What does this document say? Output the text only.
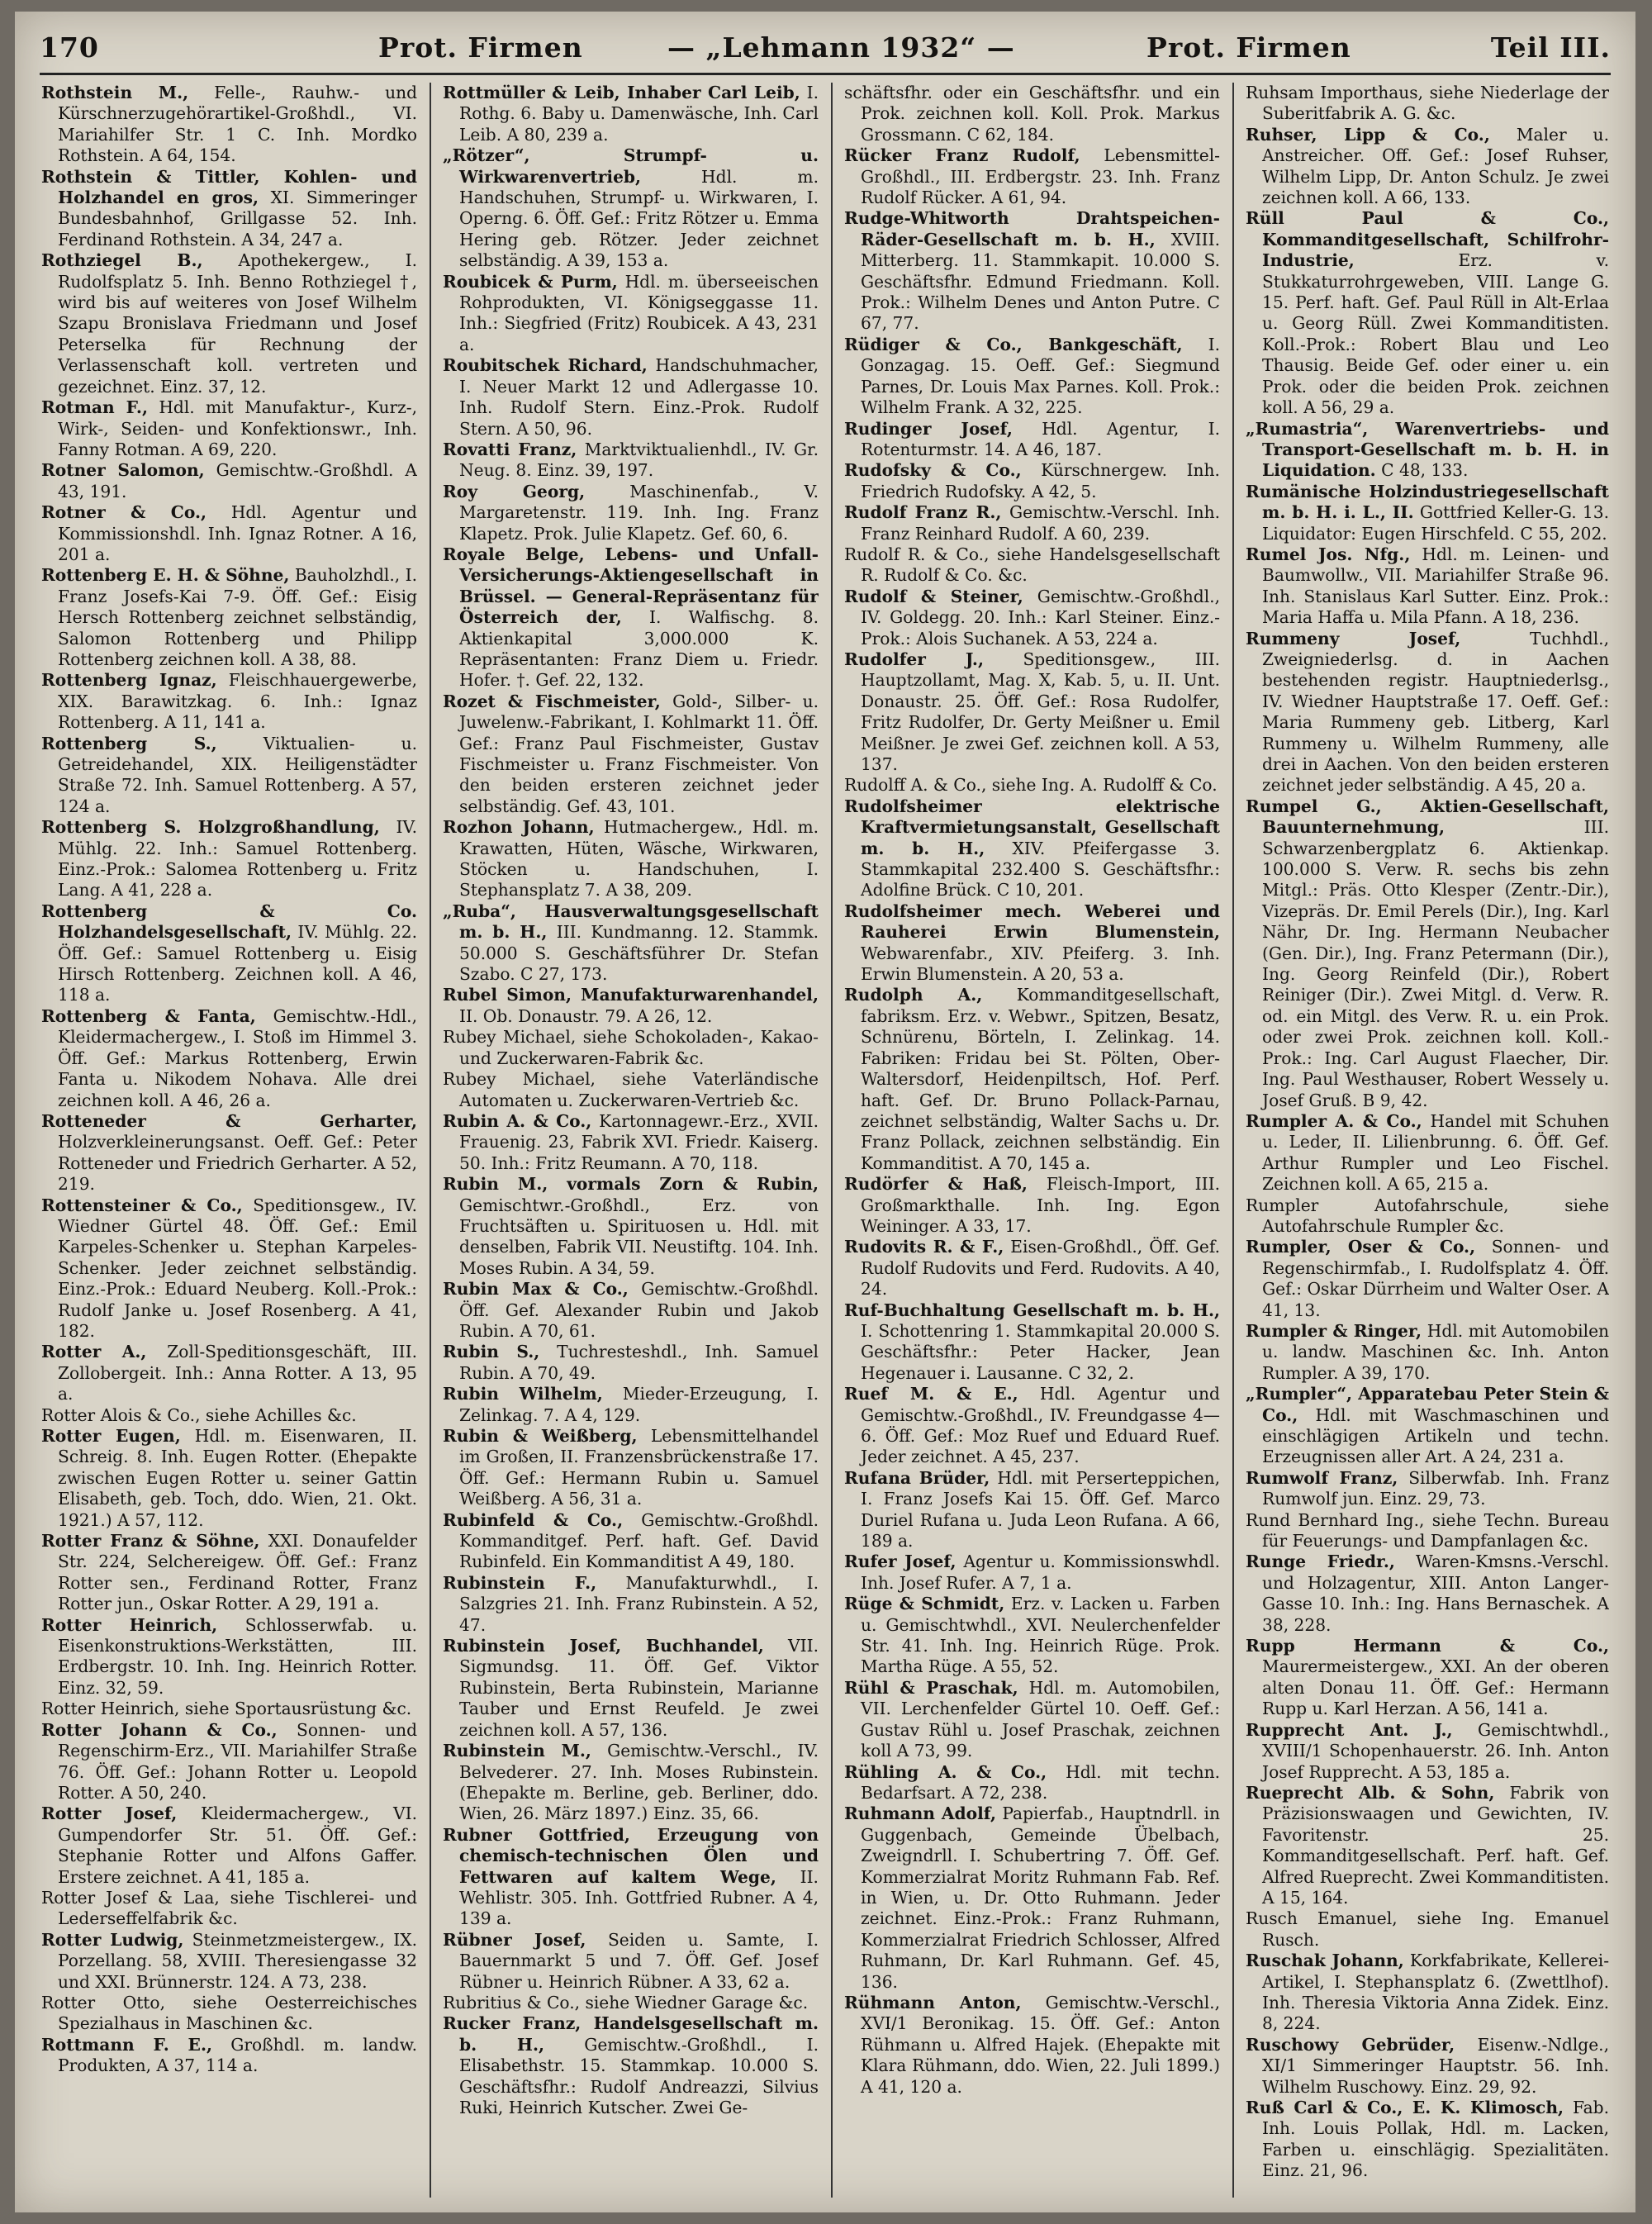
170	Prot. Firmen	— „Lehmann 1932“ —	Prot. Firmen	Teil III.

Rothstein M., Felle-, Rauhw.- und Kürschnerzugehörartikel-Großhdl., VI. Mariahilfer Str. 1 C. Inh. Mordko Rothstein. A 64, 154.

Rothstein & Tittler, Kohlen- und Holzhandel en gros, XI. Simmeringer Bundesbahnhof, Grillgasse 52. Inh. Ferdinand Rothstein. A 34, 247 a.

Rothziegel B., Apothekergew., I. Rudolfsplatz 5. Inh. Benno Rothziegel †, wird bis auf weiteres von Josef Wilhelm Szapu Bronislava Friedmann und Josef Peterselka für Rechnung der Verlassenschaft koll. vertreten und gezeichnet. Einz. 37, 12.

Rotman F., Hdl. mit Manufaktur-, Kurz-, Wirk-, Seiden- und Konfektionswr., Inh. Fanny Rotman. A 69, 220.

Rotner Salomon, Gemischtw.-Großhdl. A 43, 191.

Rotner & Co., Hdl. Agentur und Kommissionshdl. Inh. Ignaz Rotner. A 16, 201 a.

Rottenberg E. H. & Söhne, Bauholzhdl., I. Franz Josefs-Kai 7-9. Öff. Gef.: Eisig Hersch Rottenberg zeichnet selbständig, Salomon Rottenberg und Philipp Rottenberg zeichnen koll. A 38, 88.

Rottenberg Ignaz, Fleischhauergewerbe, XIX. Barawitzkag. 6. Inh.: Ignaz Rottenberg. A 11, 141 a.

Rottenberg S.,	Viktualien- u. Getreidehandel, XIX. Heiligenstädter Straße 72. Inh. Samuel Rottenberg. A 57, 124 a.

Rottenberg S. Holzgroßhandlung, IV. Mühlg. 22. Inh.: Samuel Rottenberg. Einz.-Prok.: Salomea Rottenberg u. Fritz Lang. A 41, 228 a.

Rottenberg & Co. Holzhandelsgesellschaft, IV. Mühlg. 22. Öff. Gef.: Samuel Rottenberg u. Eisig Hirsch Rottenberg. Zeichnen koll. A 46, 118 a.

Rottenberg & Fanta, Gemischtw.-Hdl., Kleidermachergew., I. Stoß im Himmel 3. Öff. Gef.: Markus Rottenberg, Erwin Fanta u. Nikodem Nohava. Alle drei zeichnen koll. A 46, 26 a.

Rotteneder & Gerharter, Holzverkleinerungsanst. Oeff. Gef.: Peter Rotteneder und Friedrich Gerharter. A 52, 219.

Rottensteiner & Co., Speditionsgew., IV. Wiedner Gürtel 48. Öff. Gef.: Emil Karpeles-Schenker u. Stephan Karpeles-Schenker. Jeder zeichnet selbständig. Einz.-Prok.: Eduard Neuberg. Koll.-Prok.: Rudolf Janke u. Josef Rosenberg. A 41, 182.

Rotter A., Zoll-Speditionsgeschäft, III. Zollobergeit. Inh.: Anna Rotter. A 13, 95 a.

Rotter Alois & Co., siehe Achilles &c.

Rotter Eugen, Hdl. m. Eisenwaren, II. Schreig. 8. Inh. Eugen Rotter. (Ehepakte zwischen Eugen Rotter u. seiner Gattin Elisabeth, geb. Toch, ddo. Wien, 21. Okt. 1921.) A 57, 112.

Rotter Franz & Söhne, XXI. Donaufelder Str. 224, Selchereigew. Öff. Gef.: Franz Rotter sen., Ferdinand Rotter, Franz Rotter jun., Oskar Rotter. A 29, 191 a.

Rotter Heinrich, Schlosserwfab. u. Eisenkonstruktions-Werkstätten, III. Erdbergstr. 10. Inh. Ing. Heinrich Rotter. Einz. 32, 59.

Rotter Heinrich, siehe Sportausrüstung &c.

Rotter Johann & Co., Sonnen- und Regenschirm-Erz., VII. Mariahilfer Straße 76. Öff. Gef.: Johann Rotter u. Leopold Rotter. A 50, 240.

Rotter Josef, Kleidermachergew., VI. Gumpendorfer Str. 51. Öff. Gef.: Stephanie Rotter und Alfons Gaffer. Erstere zeichnet. A 41, 185 a.

Rotter Josef & Laa, siehe Tischlerei- und Lederseffelfabrik &c.

Rotter Ludwig, Steinmetzmeistergew., IX. Porzellang. 58, XVIII. Theresiengasse 32 und XXI. Brünnerstr. 124. A 73, 238.

Rotter Otto, siehe Oesterreichisches Spezialhaus in Maschinen &c.

Rottmann F. E., Großhdl. m. landw. Produkten, A 37, 114 a.

Rottmüller & Leib, Inhaber Carl Leib, I. Rothg. 6. Baby u. Damenwäsche, Inh. Carl Leib. A 80, 239 a.

„Rötzer“, Strumpf- u. Wirkwarenvertrieb,	Hdl. m. Handschuhen, Strumpf- u. Wirkwaren, I. Operng. 6. Öff. Gef.: Fritz Rötzer u. Emma Hering geb. Rötzer. Jeder zeichnet selbständig. A 39, 153 a.

Roubicek & Purm, Hdl. m. überseeischen Rohprodukten, VI. Königseggasse 11. Inh.: Siegfried (Fritz) Roubicek. A 43, 231 a.

Roubitschek Richard, Handschuhmacher, I. Neuer Markt 12 und Adlergasse 10. Inh. Rudolf Stern. Einz.-Prok. Rudolf Stern. A 50, 96.

Rovatti Franz, Marktviktualienhdl., IV. Gr. Neug. 8. Einz. 39, 197.

Roy Georg,	Maschinenfab., V. Margaretenstr. 119. Inh. Ing. Franz Klapetz. Prok. Julie Klapetz. Gef. 60, 6.

Royale Belge, Lebens- und Unfall-Versicherungs-Aktiengesellschaft in Brüssel. — General-Repräsentanz für Österreich der, I. Walfischg. 8. Aktienkapital 3,000.000 K. Repräsentanten: Franz Diem u. Friedr. Hofer. †. Gef. 22, 132.

Rozet & Fischmeister, Gold-, Silber- u. Juwelenw.-Fabrikant, I. Kohlmarkt 11. Öff. Gef.: Franz Paul Fischmeister, Gustav Fischmeister u. Franz Fischmeister. Von den beiden ersteren zeichnet jeder selbständig. Gef. 43, 101.

Rozhon Johann, Hutmachergew., Hdl. m. Krawatten, Hüten, Wäsche, Wirkwaren, Stöcken u. Handschuhen, I. Stephansplatz 7. A 38, 209.

„Ruba“, Hausverwaltungsgesellschaft m. b. H., III. Kundmanng. 12. Stammk. 50.000 S. Geschäftsführer Dr. Stefan Szabo. C 27, 173.

Rubel Simon, Manufakturwarenhandel, II. Ob. Donaustr. 79. A 26, 12.

Rubey Michael, siehe Schokoladen-, Kakao- und Zuckerwaren-Fabrik &c.

Rubey Michael, siehe Vaterländische Automaten u. Zuckerwaren-Vertrieb &c.

Rubin A. & Co., Kartonnagewr.-Erz., XVII. Frauenig. 23, Fabrik XVI. Friedr. Kaiserg. 50. Inh.: Fritz Reumann. A 70, 118.

Rubin M., vormals Zorn & Rubin, Gemischtwr.-Großhdl., Erz. von Fruchtsäften u. Spirituosen u. Hdl. mit denselben, Fabrik VII. Neustiftg. 104. Inh. Moses Rubin. A 34, 59.

Rubin Max & Co., Gemischtw.-Großhdl. Öff. Gef. Alexander Rubin und Jakob Rubin. A 70, 61.

Rubin S., Tuchresteshdl., Inh. Samuel Rubin. A 70, 49.

Rubin Wilhelm, Mieder-Erzeugung, I. Zelinkag. 7. A 4, 129.

Rubin & Weißberg, Lebensmittelhandel im Großen, II. Franzensbrückenstraße 17. Öff. Gef.: Hermann Rubin u. Samuel Weißberg. A 56, 31 a.

Rubinfeld & Co., Gemischtw.-Großhdl. Kommanditgef. Perf. haft. Gef. David Rubinfeld. Ein Kommanditist A 49, 180.

Rubinstein F., Manufakturwhdl., I. Salzgries 21. Inh. Franz Rubinstein. A 52, 47.

Rubinstein Josef, Buchhandel, VII. Sigmundsg. 11. Öff. Gef. Viktor Rubinstein, Berta Rubinstein, Marianne Tauber und Ernst Reufeld. Je zwei zeichnen koll. A 57, 136.

Rubinstein M., Gemischtw.-Verschl., IV. Belvederег. 27. Inh. Moses Rubinstein. (Ehepakte m. Berline, geb. Berliner, ddo. Wien, 26. März 1897.) Einz. 35, 66.

Rubner Gottfried, Erzeugung von chemisch-technischen Ölen und Fettwaren auf kaltem Wege, II. Wehlistr. 305. Inh. Gottfried Rubner. A 4, 139 a.

Rübner Josef, Seiden u. Samte, I. Bauernmarkt 5 und 7. Öff. Gef. Josef Rübner u. Heinrich Rübner. A 33, 62 a.

Rubritius & Co., siehe Wiedner Garage &c.

Rucker Franz, Handelsgesellschaft m. b. H., Gemischtw.-Großhdl., I. Elisabethstr. 15. Stammkap. 10.000 S. Geschäftsfhr.: Rudolf Andreazzi, Silvius Ruki, Heinrich Kutscher. Zwei Ge-

schäftsfhr. oder ein Geschäftsfhr. und ein Prok. zeichnen koll. Koll. Prok. Markus Grossmann. C 62, 184.

Rücker Franz Rudolf, Lebensmittel-Großhdl., III. Erdbergstr. 23. Inh. Franz Rudolf Rücker. A 61, 94.

Rudge-Whitworth Drahtspeichen-Räder-Gesellschaft m. b. H., XVIII. Mitterberg. 11. Stammkapit. 10.000 S. Geschäftsfhr. Edmund Friedmann. Koll. Prok.: Wilhelm Denes und Anton Putre. C 67, 77.

Rüdiger & Co., Bankgeschäft, I. Gonzagag. 15. Oeff. Gef.: Siegmund Parnes, Dr. Louis Max Parnes. Koll. Prok.: Wilhelm Frank. A 32, 225.

Rudinger Josef, Hdl. Agentur, I. Rotenturmstr. 14. A 46, 187.

Rudofsky & Co., Kürschnergew. Inh. Friedrich Rudofsky. A 42, 5.

Rudolf Franz R., Gemischtw.-Verschl. Inh. Franz Reinhard Rudolf. A 60, 239.

Rudolf R. & Co., siehe Handelsgesellschaft R. Rudolf & Co. &c.

Rudolf & Steiner, Gemischtw.-Großhdl., IV. Goldegg. 20. Inh.: Karl Steiner. Einz.-Prok.: Alois Suchanek. A 53, 224 a.

Rudolfer J., Speditionsgew., III. Hauptzollamt, Mag. X, Kab. 5, u. II. Unt. Donaustr. 25. Öff. Gef.: Rosa Rudolfer, Fritz Rudolfer, Dr. Gerty Meißner u. Emil Meißner. Je zwei Gef. zeichnen koll. A 53, 137.

Rudolff A. & Co., siehe Ing. A. Rudolff & Co.

Rudolfsheimer elektrische Kraftvermietungsanstalt, Gesellschaft m. b. H., XIV. Pfeifergasse 3. Stammkapital 232.400 S. Geschäftsfhr.: Adolfine Brück. C 10, 201.

Rudolfsheimer mech. Weberei und Rauherei Erwin Blumenstein, Webwarenfabr., XIV. Pfeiferg. 3. Inh. Erwin Blumenstein. A 20, 53 a.

Rudolph A., Kommanditgesellschaft, fabriksm. Erz. v. Webwr., Spitzen, Besatz, Schnürenu, Börteln, I. Zelinkag. 14. Fabriken: Fridau bei St. Pölten, Ober-Waltersdorf, Heidenpiltsch, Hof. Perf. haft. Gef. Dr. Bruno Pollack-Parnau, zeichnet selbständig, Walter Sachs u. Dr. Franz Pollack, zeichnen selbständig. Ein Kommanditist. A 70, 145 a.

Rudörfer & Haß, Fleisch-Import, III. Großmarkthalle. Inh. Ing. Egon Weininger. A 33, 17.

Rudovits R. & F., Eisen-Großhdl., Öff. Gef. Rudolf Rudovits und Ferd. Rudovits. A 40, 24.

Ruf-Buchhaltung Gesellschaft m. b. H., I. Schottenring 1. Stammkapital 20.000 S. Geschäftsfhr.: Peter Hacker, Jean Hegenauer i. Lausanne. C 32, 2.

Ruef M. & E., Hdl. Agentur und Gemischtw.-Großhdl., IV. Freundgasse 4—6. Öff. Gef.: Moz Ruef und Eduard Ruef. Jeder zeichnet. A 45, 237.

Rufana Brüder, Hdl. mit Perserteppichen, I. Franz Josefs Kai 15. Öff. Gef. Marco Duriel Rufana u. Juda Leon Rufana. A 66, 189 a.

Rufer Josef, Agentur u. Kommissionswhdl. Inh. Josef Rufer. A 7, 1 a.

Rüge & Schmidt, Erz. v. Lacken u. Farben u. Gemischtwhdl., XVI. Neulerchenfelder Str. 41. Inh. Ing. Heinrich Rüge. Prok. Martha Rüge. A 55, 52.

Rühl & Praschak, Hdl. m. Automobilen, VII. Lerchenfelder Gürtel 10. Oeff. Gef.: Gustav Rühl u. Josef Praschak, zeichnen koll A 73, 99.

Rühling A. & Co., Hdl. mit techn. Bedarfsart. A 72, 238.

Ruhmann Adolf, Papierfab., Hauptndrll. in Guggenbach, Gemeinde Übelbach, Zweigndrll. I. Schubertring 7. Öff. Gef. Kommerzialrat Moritz Ruhmann Fab. Ref. in Wien, u. Dr. Otto Ruhmann. Jeder zeichnet. Einz.-Prok.: Franz Ruhmann, Kommerzialrat Friedrich Schlosser, Alfred Ruhmann, Dr. Karl Ruhmann. Gef. 45, 136.

Rühmann Anton, Gemischtw.-Verschl., XVI/1 Beronikag. 15. Öff. Gef.: Anton Rühmann u. Alfred Hajek. (Ehepakte mit Klara Rühmann, ddo. Wien, 22. Juli 1899.) A 41, 120 a.

Ruhsam Importhaus, siehe Niederlage der Suberitfabrik A. G. &c.

Ruhser, Lipp & Co., Maler u. Anstreicher. Off. Gef.: Josef Ruhser, Wilhelm Lipp, Dr. Anton Schulz. Je zwei zeichnen koll. A 66, 133.

Rüll Paul & Co., Kommanditgesellschaft, Schilfrohr-Industrie,	Erz. v. Stukkaturrohrgeweben, VIII. Lange G. 15. Perf. haft. Gef. Paul Rüll in Alt-Erlaa u. Georg Rüll. Zwei Kommanditisten. Koll.-Prok.: Robert Blau und Leo Thausig. Beide Gef. oder einer u. ein Prok. oder die beiden Prok. zeichnen koll. A 56, 29 a.

„Rumastria“, Warenvertriebs- und Transport-Gesellschaft m. b. H. in Liquidation. C 48, 133.

Rumänische Holzindustriegesellschaft m. b. H. i. L., II. Gottfried Keller-G. 13. Liquidator: Eugen Hirschfeld. C 55, 202.

Rumel Jos. Nfg., Hdl. m. Leinen- und Baumwollw., VII. Mariahilfer Straße 96. Inh. Stanislaus Karl Sutter. Einz. Prok.: Maria Haffa u. Mila Pfann. A 18, 236.

Rummeny Josef,	Tuchhdl., Zweigniederlsg. d. in Aachen bestehenden registr. Hauptniederlsg., IV. Wiedner Hauptstraße 17. Oeff. Gef.: Maria Rummeny geb. Litberg, Karl Rummeny u. Wilhelm Rummeny, alle drei in Aachen. Von den beiden ersteren zeichnet jeder selbständig. A 45, 20 a.

Rumpel G., Aktien-Gesellschaft, Bauunternehmung,	III. Schwarzenbergplatz 6. Aktienkap. 100.000 S. Verw. R. sechs bis zehn Mitgl.: Präs. Otto Klesper (Zentr.-Dir.), Vizepräs. Dr. Emil Perels (Dir.), Ing. Karl Nähr, Dr. Ing. Hermann Neubacher (Gen. Dir.), Ing. Franz Petermann (Dir.), Ing. Georg Reinfeld (Dir.), Robert Reiniger (Dir.). Zwei Mitgl. d. Verw. R. od. ein Mitgl. des Verw. R. u. ein Prok. oder zwei Prok. zeichnen koll. Koll.-Prok.: Ing. Carl August Flaecher, Dir. Ing. Paul Westhauser, Robert Wessely u. Josef Gruß. B 9, 42.

Rumpler A. & Co., Handel mit Schuhen u. Leder, II. Lilienbrunng. 6. Öff. Gef. Arthur Rumpler und Leo Fischel. Zeichnen koll. A 65, 215 a.

Rumpler Autofahrschule, siehe Autofahrschule Rumpler &c.

Rumpler, Oser & Co., Sonnen- und Regenschirmfab., I. Rudolfsplatz 4. Öff. Gef.: Oskar Dürrheim und Walter Oser. A 41, 13.

Rumpler & Ringer, Hdl. mit Automobilen u. landw. Maschinen &c. Inh. Anton Rumpler. A 39, 170.

„Rumpler“, Apparatebau Peter Stein & Co., Hdl. mit Waschmaschinen und einschlägigen Artikeln und techn. Erzeugnissen aller Art. A 24, 231 a.

Rumwolf Franz, Silberwfab. Inh. Franz Rumwolf jun. Einz. 29, 73.

Rund Bernhard Ing., siehe Techn. Bureau für Feuerungs- und Dampfanlagen &c.

Runge Friedr., Waren-Kmsns.-Verschl. und Holzagentur, XIII. Anton Langer-Gasse 10. Inh.: Ing. Hans Bernaschek. A 38, 228.

Rupp Hermann & Co., Maurermeistergew., XXI. An der oberen alten Donau 11. Öff. Gef.: Hermann Rupp u. Karl Herzan. A 56, 141 a.

Rupprecht Ant. J., Gemischtwhdl., XVIII/1 Schopenhauerstr. 26. Inh. Anton Josef Rupprecht. A 53, 185 a.

Rueprecht Alb. & Sohn, Fabrik von Präzisionswaagen und Gewichten, IV. Favoritenstr. 25. Kommanditgesellschaft. Perf. haft. Gef. Alfred Rueprecht. Zwei Kommanditisten. A 15, 164.

Rusch Emanuel, siehe Ing. Emanuel Rusch.

Ruschak Johann, Korkfabrikate, Kellerei-Artikel, I. Stephansplatz 6. (Zwettlhof). Inh. Theresia Viktoria Anna Zidek. Einz. 8, 224.

Ruschowy Gebrüder, Eisenw.-Ndlge., XI/1 Simmeringer Hauptstr. 56. Inh. Wilhelm Ruschowy. Einz. 29, 92.

Ruß Carl & Co., E. K. Klimosch, Fab. Inh. Louis Pollak, Hdl. m. Lacken, Farben u. einschlägig. Spezialitäten. Einz. 21, 96.
